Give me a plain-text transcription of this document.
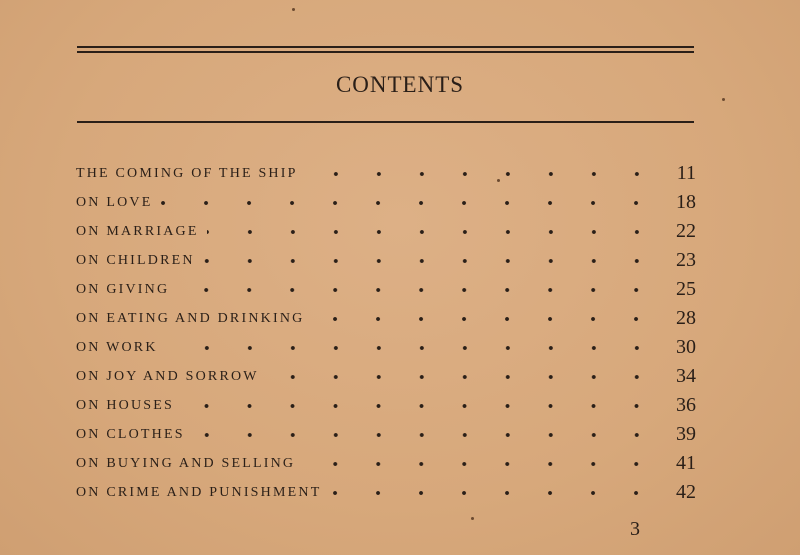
CONTENTS
THE COMING OF THE SHIP	11
ON LOVE	18
ON MARRIAGE	22
ON CHILDREN	23
ON GIVING	25
ON EATING AND DRINKING	28
ON WORK	30
ON JOY AND SORROW	34
ON HOUSES	36
ON CLOTHES	39
ON BUYING AND SELLING	41
ON CRIME AND PUNISHMENT	42
3
